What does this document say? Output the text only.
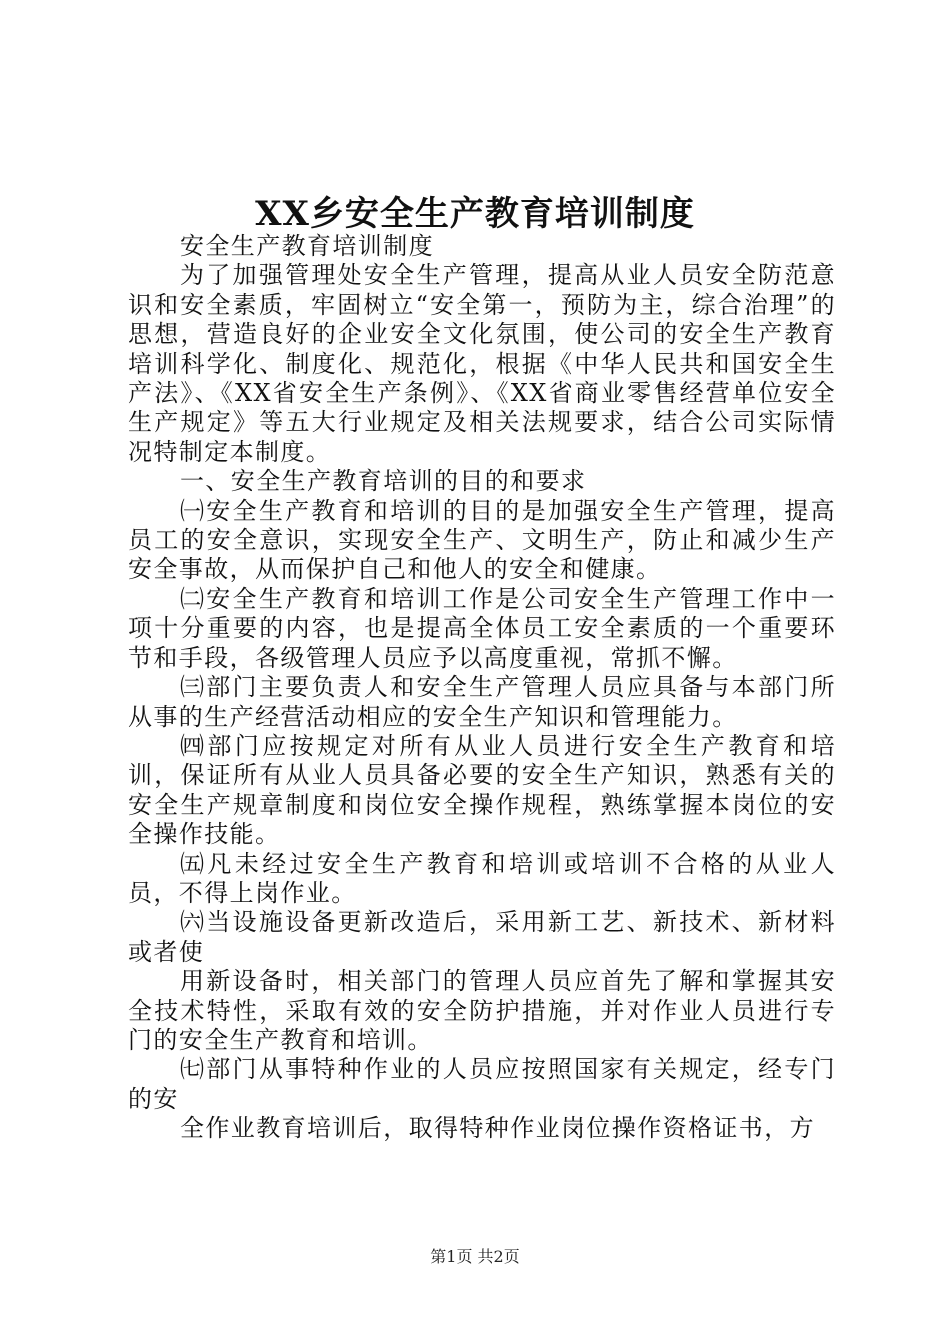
XX乡安全生产教育培训制度

安全生产教育培训制度

为了加强管理处安全生产管理，提高从业人员安全防范意识和安全素质，牢固树立“安全第一，预防为主，综合治理”的思想，营造良好的企业安全文化氛围，使公司的安全生产教育培训科学化、制度化、规范化，根据《中华人民共和国安全生产法》、《XX省安全生产条例》、《XX省商业零售经营单位安全生产规定》等五大行业规定及相关法规要求，结合公司实际情况特制定本制度。

一、安全生产教育培训的目的和要求

㈠安全生产教育和培训的目的是加强安全生产管理，提高员工的安全意识，实现安全生产、文明生产，防止和减少生产安全事故，从而保护自己和他人的安全和健康。

㈡安全生产教育和培训工作是公司安全生产管理工作中一项十分重要的内容，也是提高全体员工安全素质的一个重要环节和手段，各级管理人员应予以高度重视，常抓不懈。

㈢部门主要负责人和安全生产管理人员应具备与本部门所从事的生产经营活动相应的安全生产知识和管理能力。

㈣部门应按规定对所有从业人员进行安全生产教育和培训，保证所有从业人员具备必要的安全生产知识，熟悉有关的安全生产规章制度和岗位安全操作规程，熟练掌握本岗位的安全操作技能。

㈤凡未经过安全生产教育和培训或培训不合格的从业人员，不得上岗作业。

㈥当设施设备更新改造后，采用新工艺、新技术、新材料或者使

用新设备时，相关部门的管理人员应首先了解和掌握其安全技术特性，采取有效的安全防护措施，并对作业人员进行专门的安全生产教育和培训。

㈦部门从事特种作业的人员应按照国家有关规定，经专门的安

全作业教育培训后，取得特种作业岗位操作资格证书，方

第1页 共2页
